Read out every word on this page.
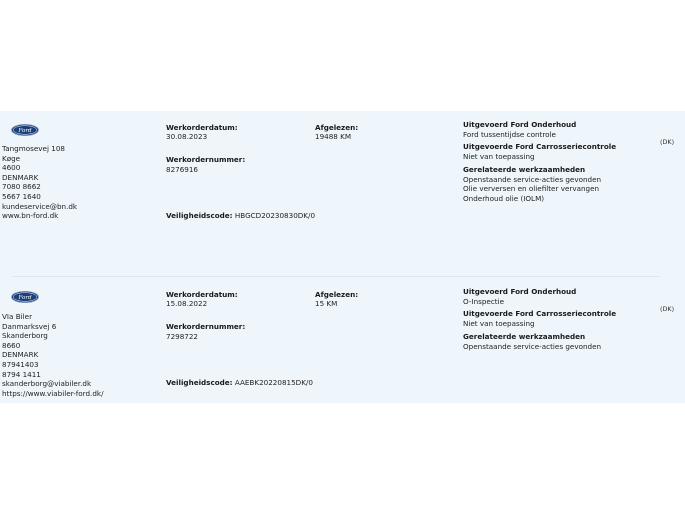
Ford
Tangmosevej 108
Køge
4600
DENMARK
7080 8662
5667 1640
kundeservice@bn.dk
www.bn-ford.dk
Werkorderdatum:
30.08.2023
Werkordernummer:
8276916
Veiligheidscode: HBGCD20230830DK/0
Afgelezen:
19488 KM
Uitgevoerd Ford Onderhoud
Ford tussentijdse controle
Uitgevoerde Ford Carrosseriecontrole
Niet van toepassing
Gerelateerde werkzaamheden
Openstaande service-acties gevonden
Olie verversen en oliefilter vervangen
Onderhoud olie (IOLM)
(DK)
Ford
VIa Biler
Danmarksvej 6
Skanderborg
8660
DENMARK
87941403
8794 1411
skanderborg@viabiler.dk
https://www.viabiler-ford.dk/
Werkorderdatum:
15.08.2022
Werkordernummer:
7298722
Veiligheidscode: AAEBK20220815DK/0
Afgelezen:
15 KM
Uitgevoerd Ford Onderhoud
O-Inspectie
Uitgevoerde Ford Carrosseriecontrole
Niet van toepassing
Gerelateerde werkzaamheden
Openstaande service-acties gevonden
(DK)
